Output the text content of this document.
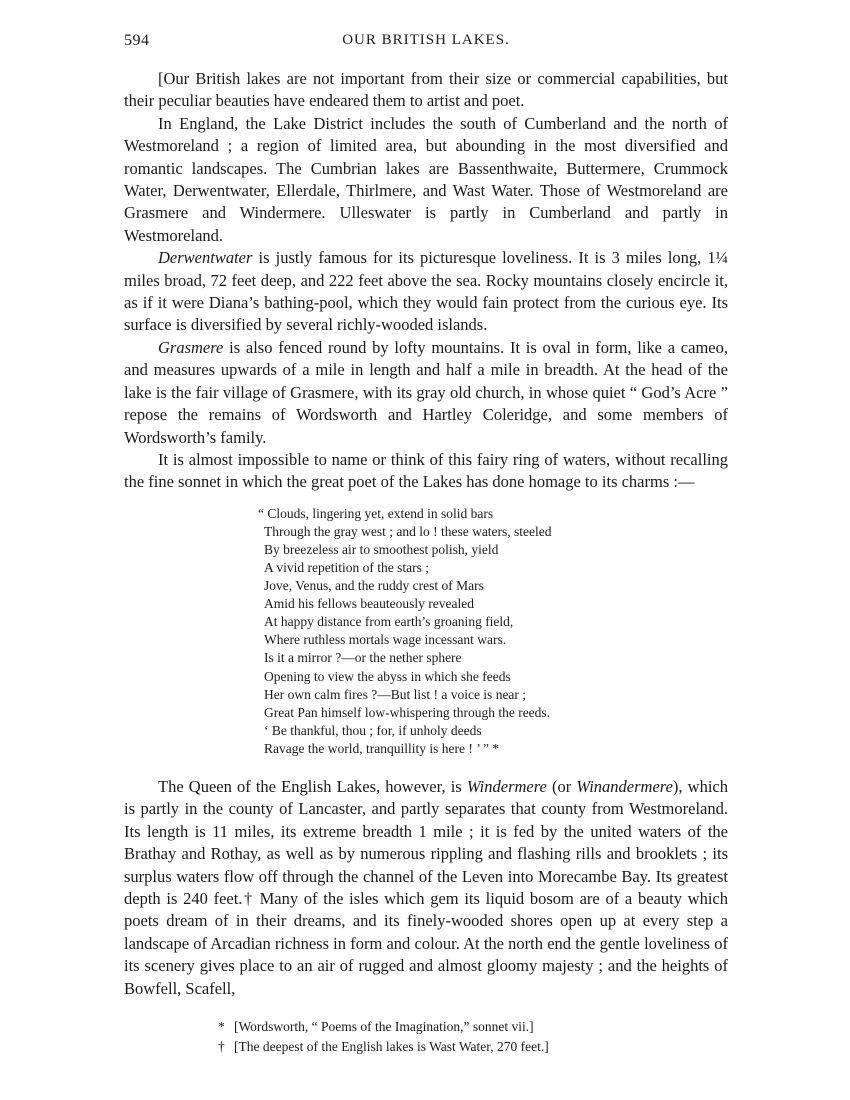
594	OUR BRITISH LAKES.

[Our British lakes are not important from their size or commercial capabilities, but their peculiar beauties have endeared them to artist and poet.

In England, the Lake District includes the south of Cumberland and the north of Westmoreland ; a region of limited area, but abounding in the most diversified and romantic landscapes. The Cumbrian lakes are Bassenthwaite, Buttermere, Crummock Water, Derwentwater, Ellerdale, Thirlmere, and Wast Water. Those of Westmoreland are Grasmere and Windermere. Ulleswater is partly in Cumberland and partly in Westmoreland.

Derwentwater is justly famous for its picturesque loveliness. It is 3 miles long, 1¼ miles broad, 72 feet deep, and 222 feet above the sea. Rocky mountains closely encircle it, as if it were Diana’s bathing-pool, which they would fain protect from the curious eye. Its surface is diversified by several richly-wooded islands.

Grasmere is also fenced round by lofty mountains. It is oval in form, like a cameo, and measures upwards of a mile in length and half a mile in breadth. At the head of the lake is the fair village of Grasmere, with its gray old church, in whose quiet “ God’s Acre ” repose the remains of Wordsworth and Hartley Coleridge, and some members of Wordsworth’s family.

It is almost impossible to name or think of this fairy ring of waters, without recalling the fine sonnet in which the great poet of the Lakes has done homage to its charms :—

“ Clouds, lingering yet, extend in solid bars
Through the gray west ; and lo ! these waters, steeled
By breezeless air to smoothest polish, yield
A vivid repetition of the stars ;
Jove, Venus, and the ruddy crest of Mars
Amid his fellows beauteously revealed
At happy distance from earth’s groaning field,
Where ruthless mortals wage incessant wars.
Is it a mirror ?—or the nether sphere
Opening to view the abyss in which she feeds
Her own calm fires ?—But list ! a voice is near ;
Great Pan himself low-whispering through the reeds.
‘ Be thankful, thou ; for, if unholy deeds
Ravage the world, tranquillity is here ! ’ ” *

The Queen of the English Lakes, however, is Windermere (or Winandermere), which is partly in the county of Lancaster, and partly separates that county from Westmoreland. Its length is 11 miles, its extreme breadth 1 mile ; it is fed by the united waters of the Brathay and Rothay, as well as by numerous rippling and flashing rills and brooklets ; its surplus waters flow off through the channel of the Leven into Morecambe Bay. Its greatest depth is 240 feet.† Many of the isles which gem its liquid bosom are of a beauty which poets dream of in their dreams, and its finely-wooded shores open up at every step a landscape of Arcadian richness in form and colour. At the north end the gentle loveliness of its scenery gives place to an air of rugged and almost gloomy majesty ; and the heights of Bowfell, Scafell,

* [Wordsworth, “ Poems of the Imagination,” sonnet vii.]
† [The deepest of the English lakes is Wast Water, 270 feet.]
